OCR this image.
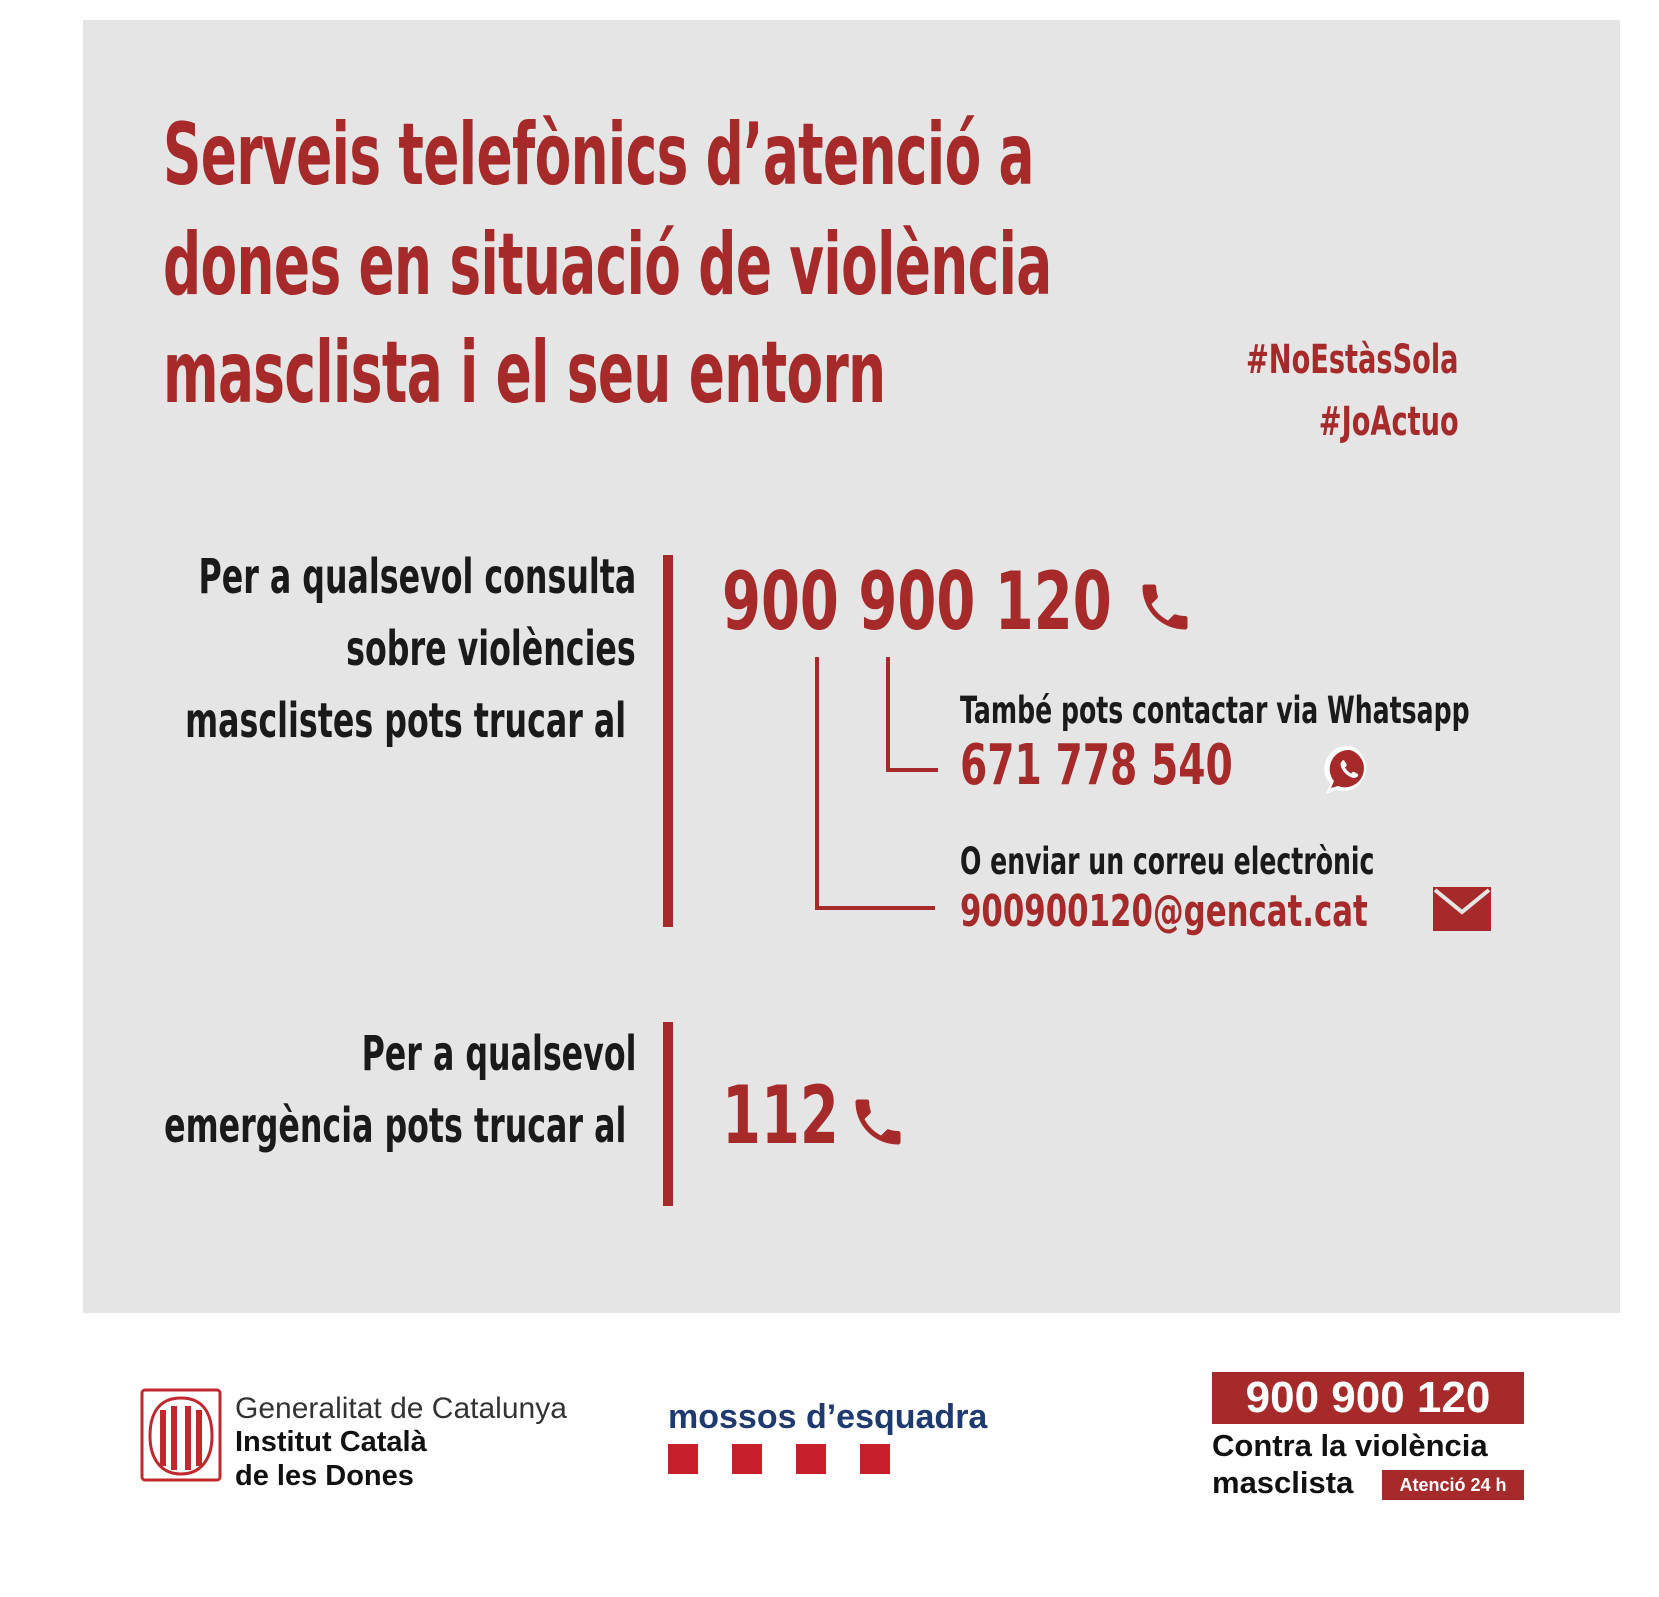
Serveis telefònics d’atenció a
dones en situació de violència
masclista i el seu entorn	#NoEstàsSola
#JoActuo
Per a qualsevol consulta
sobre violències
masclistes pots trucar al
900 900 120
També pots contactar via Whatsapp
671 778 540
O enviar un correu electrònic
900900120@gencat.cat
Per a qualsevol
emergència pots trucar al 112
Generalitat de Catalunya
Institut Català
de les Dones
mossos d’esquadra	900 900 120
Contra la violència
masclista	Atenció 24 h
